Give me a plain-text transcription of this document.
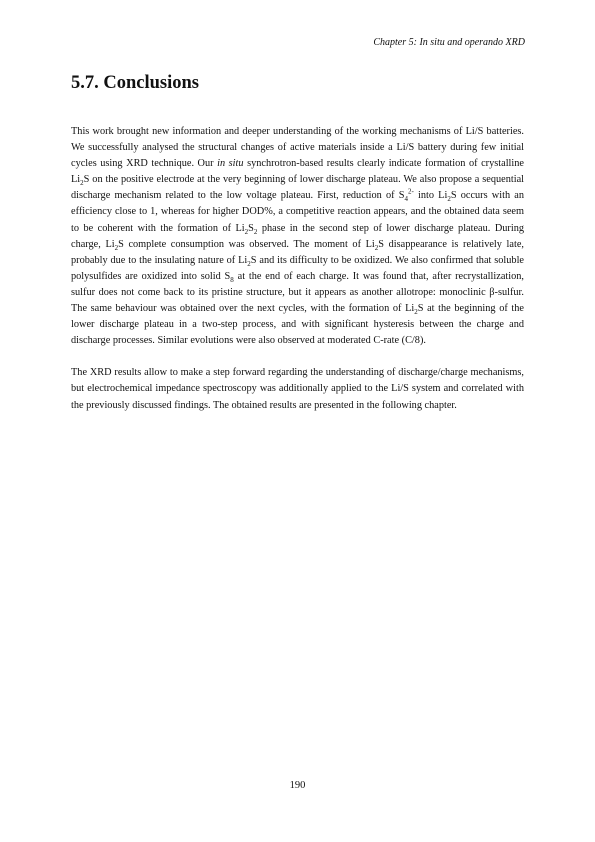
Chapter 5: In situ and operando XRD
5.7. Conclusions

This work brought new information and deeper understanding of the working mechanisms of Li/S batteries. We successfully analysed the structural changes of active materials inside a Li/S battery during few initial cycles using XRD technique. Our in situ synchrotron-based results clearly indicate formation of crystalline $Li_2S$ on the positive electrode at the very beginning of lower discharge plateau. We also propose a sequential discharge mechanism related to the low voltage plateau. First, reduction of $S_4^{2-}$ into $Li_2S$ occurs with an efficiency close to 1, whereas for higher DOD%, a competitive reaction appears, and the obtained data seem to be coherent with the formation of $Li_2S_2$ phase in the second step of lower discharge plateau. During charge, $Li_2S$ complete consumption was observed. The moment of $Li_2S$ disappearance is relatively late, probably due to the insulating nature of $Li_2S$ and its difficulty to be oxidized. We also confirmed that soluble polysulfides are oxidized into solid $S_8$ at the end of each charge. It was found that, after recrystallization, sulfur does not come back to its pristine structure, but it appears as another allotrope: monoclinic β-sulfur. The same behaviour was obtained over the next cycles, with the formation of $Li_2S$ at the beginning of the lower discharge plateau in a two-step process, and with significant hysteresis between the charge and discharge processes. Similar evolutions were also observed at moderated C-rate (C/8).

The XRD results allow to make a step forward regarding the understanding of discharge/charge mechanisms, but electrochemical impedance spectroscopy was additionally applied to the Li/S system and correlated with the previously discussed findings. The obtained results are presented in the following chapter.

190
